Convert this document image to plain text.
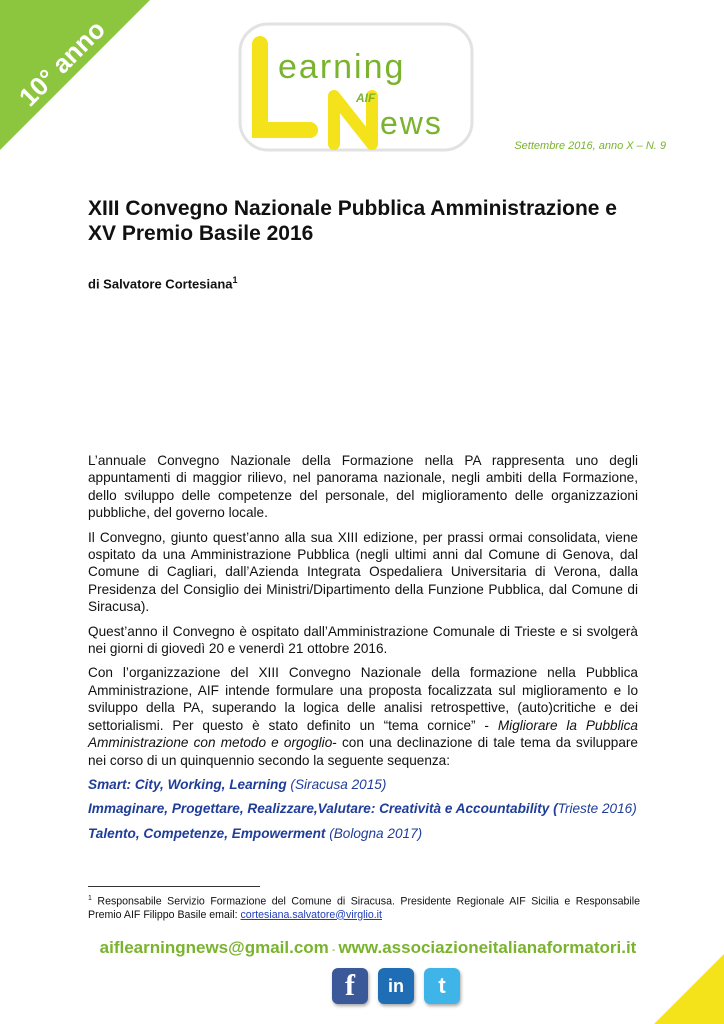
10° anno	earning
ews
AIF
Settembre 2016, anno X – N. 9
XIII Convegno Nazionale Pubblica Amministrazione e XV Premio Basile 2016
di Salvatore Cortesiana$^1$

L’annuale Convegno Nazionale della Formazione nella PA rappresenta uno degli appuntamenti di maggior rilievo, nel panorama nazionale, negli ambiti della Formazione, dello sviluppo delle competenze del personale, del miglioramento delle organizzazioni pubbliche, del governo locale.

Il Convegno, giunto quest’anno alla sua XIII edizione, per prassi ormai consolidata, viene ospitato da una Amministrazione Pubblica (negli ultimi anni dal Comune di Genova, dal Comune di Cagliari, dall’Azienda Integrata Ospedaliera Universitaria di Verona, dalla Presidenza del Consiglio dei Ministri/Dipartimento della Funzione Pubblica, dal Comune di Siracusa).

Quest’anno il Convegno è ospitato dall’Amministrazione Comunale di Trieste e si svolgerà nei giorni di giovedì 20 e venerdì 21 ottobre 2016.

Con l’organizzazione del XIII Convegno Nazionale della formazione nella Pubblica Amministrazione, AIF intende formulare una proposta focalizzata sul miglioramento e lo sviluppo della PA, superando la logica delle analisi retrospettive, (auto)critiche e dei settorialismi. Per questo è stato definito un “tema cornice” - Migliorare la Pubblica Amministrazione con metodo e orgoglio- con una declinazione di tale tema da sviluppare nei corso di un quinquennio secondo la seguente sequenza:

Smart: City, Working, Learning (Siracusa 2015)

Immaginare, Progettare, Realizzare,Valutare: Creatività e Accountability (Trieste 2016)

Talento, Competenze, Empowerment (Bologna 2017)

$^1$ Responsabile Servizio Formazione del Comune di Siracusa. Presidente Regionale AIF Sicilia e Responsabile Premio AIF Filippo Basile email: cortesiana.salvatore@virglio.it
aiflearningnews@gmail.com - www.associazioneitalianaformatori.it
f	in	t
